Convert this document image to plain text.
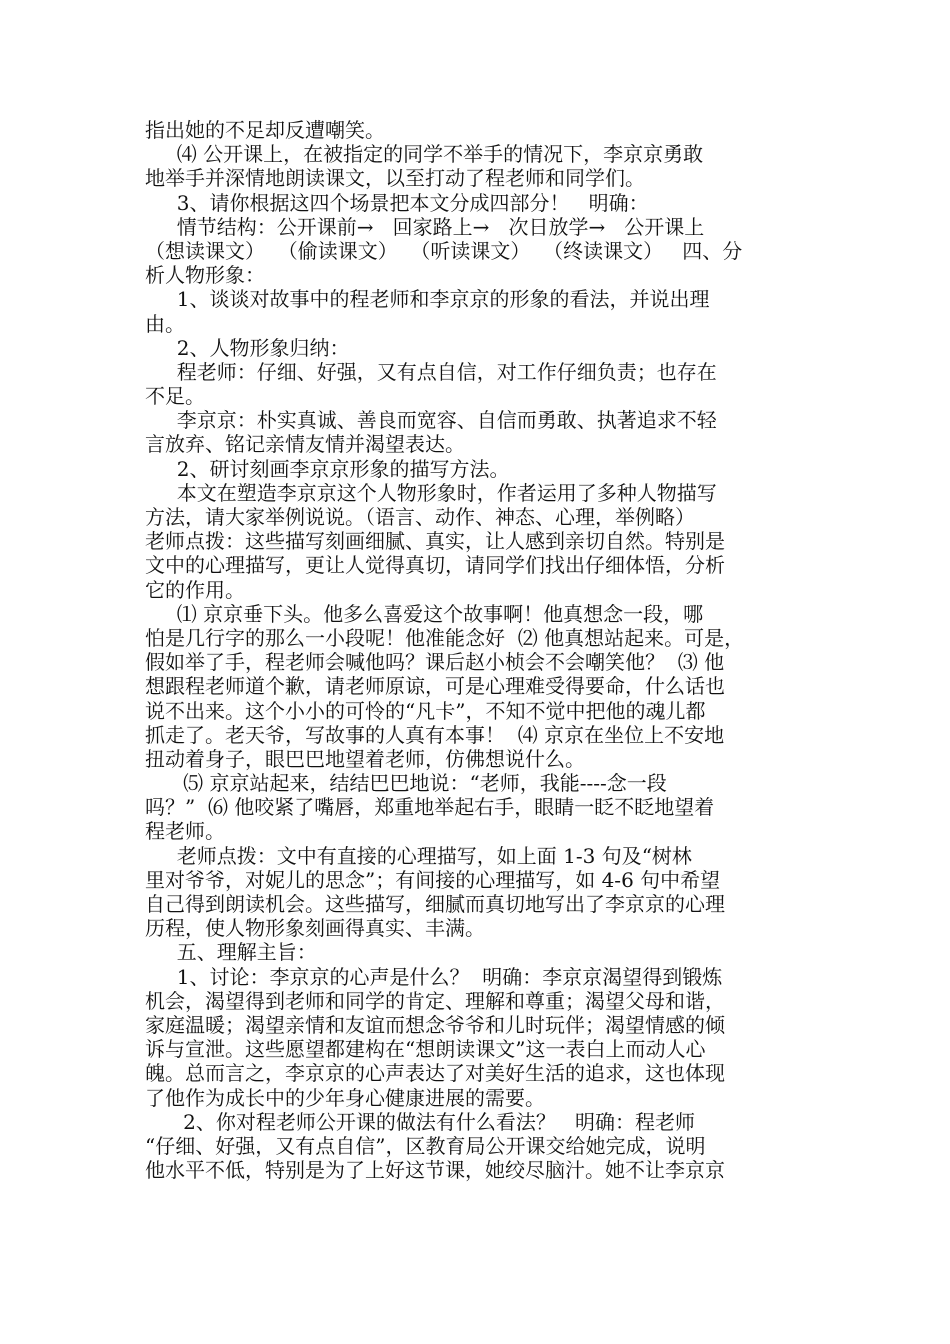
指出她的不足却反遭嘲笑。
⑷ 公开课上，在被指定的同学不举手的情况下，李京京勇敢
地举手并深情地朗读课文，以至打动了程老师和同学们。
3、请你根据这四个场景把本文分成四部分！   明确：
情节结构：公开课前→   回家路上→   次日放学→   公开课上
（想读课文）  （偷读课文）  （听读课文）  （终读课文）   四、分
析人物形象：
1、谈谈对故事中的程老师和李京京的形象的看法，并说出理
由。
2、人物形象归纳：
程老师：仔细、好强，又有点自信，对工作仔细负责；也存在
不足。
李京京：朴实真诚、善良而宽容、自信而勇敢、执著追求不轻
言放弃、铭记亲情友情并渴望表达。
2、研讨刻画李京京形象的描写方法。
本文在塑造李京京这个人物形象时，作者运用了多种人物描写
方法，请大家举例说说。（语言、动作、神态、心理，举例略）
老师点拨：这些描写刻画细腻、真实，让人感到亲切自然。特别是
文中的心理描写，更让人觉得真切，请同学们找出仔细体悟，分析
它的作用。
⑴ 京京垂下头。他多么喜爱这个故事啊！他真想念一段，哪
怕是几行字的那么一小段呢！他准能念好  ⑵ 他真想站起来。可是，
假如举了手，程老师会喊他吗？课后赵小桢会不会嘲笑他？  ⑶ 他
想跟程老师道个歉，请老师原谅，可是心理难受得要命，什么话也
说不出来。这个小小的可怜的“凡卡”，不知不觉中把他的魂儿都
抓走了。老天爷，写故事的人真有本事！  ⑷ 京京在坐位上不安地
扭动着身子，眼巴巴地望着老师，仿佛想说什么。
⑸ 京京站起来，结结巴巴地说：“老师，我能----念一段
吗？”  ⑹ 他咬紧了嘴唇，郑重地举起右手，眼睛一眨不眨地望着
程老师。
老师点拨：文中有直接的心理描写，如上面 1-3 句及“树林
里对爷爷，对妮儿的思念”；有间接的心理描写，如 4-6 句中希望
自己得到朗读机会。这些描写，细腻而真切地写出了李京京的心理
历程，使人物形象刻画得真实、丰满。
五、理解主旨：
1、讨论：李京京的心声是什么？  明确：李京京渴望得到锻炼
机会，渴望得到老师和同学的肯定、理解和尊重；渴望父母和谐，
家庭温暖；渴望亲情和友谊而想念爷爷和儿时玩伴；渴望情感的倾
诉与宣泄。这些愿望都建构在“想朗读课文”这一表白上而动人心
魄。总而言之，李京京的心声表达了对美好生活的追求，这也体现
了他作为成长中的少年身心健康进展的需要。
2、你对程老师公开课的做法有什么看法？   明确：程老师
“仔细、好强，又有点自信”，区教育局公开课交给她完成，说明
他水平不低，特别是为了上好这节课，她绞尽脑汁。她不让李京京
